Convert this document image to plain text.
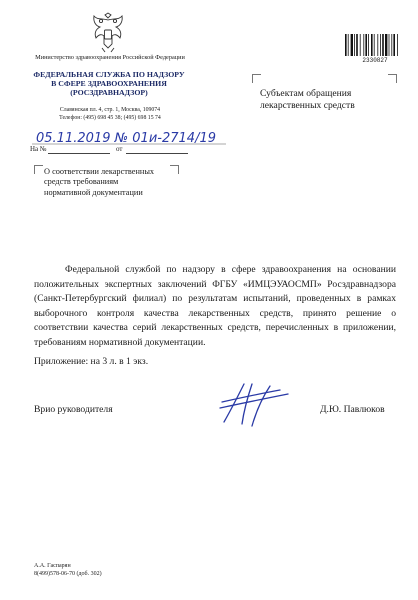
Министерство здравоохранения Российской Федерации
ФЕДЕРАЛЬНАЯ СЛУЖБА ПО НАДЗОРУ
В СФЕРЕ ЗДРАВООХРАНЕНИЯ
(РОСЗДРАВНАДЗОР)
Славянская пл. 4, стр. 1, Москва, 109074
Телефон: (495) 698 45 38; (495) 698 15 74
2330827
Субъектам обращения
лекарственных средств
05.11.2019 № 01и-2714/19
На №	от
О соответствии лекарственных
средств требованиям
нормативной документации
Федеральной службой по надзору в сфере здравоохранения на основании положительных экспертных заключений ФГБУ «ИМЦЭУАОСМП» Росздравнадзора (Санкт-Петербургский филиал) по результатам испытаний, проведенных в рамках выборочного контроля качества лекарственных средств, принято решение о соответствии качества серий лекарственных средств, перечисленных в приложении, требованиям нормативной документации.
Приложение: на 3 л. в 1 экз.
Врио руководителя	Д.Ю. Павлюков
А.А. Гаспарян
8(499)578-06-70 (доб. 302)
